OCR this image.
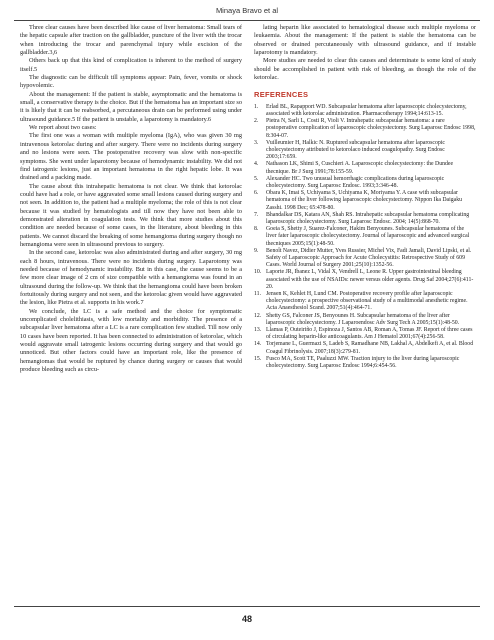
Minaya Bravo et al

Three clear causes have been described like cause of liver hematoma: Small tears of the hepatic capsule after traction on the gallbladder, puncture of the liver with the trocar when introducing the trocar and parenchymal injury while excision of the gallbladder.3,6

Others back up that this kind of complication is inherent to the method of surgery itself.5

The diagnostic can be difficult till symptoms appear: Pain, fever, vomits or shock hypovolemic.

About the management: If the patient is stable, asymptomatic and the hematoma is small, a conservative therapy is the choice. But if the hematoma has an important size so it is likely that it can be reabsorbed, a percutaneous drain can be performed using under ultrasound guidance.5 If the patient is unstable, a laparotomy is mandatory.6

We report about two cases:

The first one was a woman with multiple myeloma (IgA), who was given 30 mg intravenous ketorolac during and after surgery. There were no incidents during surgery and no lesions were seen. The postoperative recovery was slow with non-specific symptoms. She went under laparotomy because of hemodynamic instability. We did not find iatrogenic lesions, just an important hematoma in the right hepatic lobe. It was drained and a packing made.

The cause about this intrahepatic hematoma is not clear. We think that ketorolac could have had a role, or have aggravated some small lesions caused during surgery and not seen. In addition to, the patient had a multiple myeloma; the role of this is not clear because it was studied by hematologists and till now they have not been able to demonstrated alteration in coagulation tests. We think that more studies about this condition are needed because of some cases, in the literature, about bleeding in this patients. We cannot discard the breaking of some hemangioma during surgery though no hemangioma were seen in ultrasound previous to surgery.

In the second case, ketorolac was also administrated during and after surgery, 30 mg each 8 hours, intravenous. There were no incidents during surgery. Laparotomy was needed because of hemodynamic instability. But in this case, the cause seems to be a few more clear image of 2 cm of size compatible with a hemangioma was found in an ultrasound during the follow-up. We think that the hemangioma could have been broken fortuitously during surgery and not seen, and the ketorolac given would have aggravated the lesion, like Pietra et al. supports in his work.7

We conclude, the LC is a safe method and the choice for symptomatic uncomplicated cholelithiasis, with low mortality and morbidity. The presence of a subcapsular liver hematoma after a LC is a rare complication few studied. Till now only 10 cases have been reported. It has been connected to administration of ketorolac, which would aggravate small iatrogenic lesions occurring during surgery and that would go unnoticed. But other factors could have an important role, like the presence of hemangiomas that would be ruptured by chance during surgery or causes that would produce bleeding such as circu-

lating heparin like associated to hematological disease such multiple myeloma or leukaemia. About the management: If the patient is stable the hematoma can be observed or drained percutaneously with ultrasound guidance, and if instable laparotomy is mandatory.

More studies are needed to clear this causes and determinate is some kind of study should be accomplished in patient with risk of bleeding, as though the role of the ketorolac.

REFERENCES
1.	Erlad BL, Rapapport WD. Subcapsular hematoma after laparoscopic cholecystectomy, associated with ketorolac administration. Pharmacotherapy 1994;14:613-15.
2.	Pietra N, Sarli L, Costi R, Violi V. Intrahepatic subcapsular hematoma: a rare postoperative complication of laparoscopic cholecystectomy. Surg Laparosc Endosc 1998, 8:304-07.
3.	Vuilleumier H, Halkic N. Ruptured subcapsular hematoma after laparoscopic cholecystectomy attributed to ketorolaco induced coagulopathy. Surg Endosc 2003;17:659.
4.	Nathason LK, Shimi S, Cuschieri A. Laparoscopic cholecystectomy: the Dundee thecnique. Br J Surg 1991;78:155-59.
5.	Alexander HC. Two unusual hemorrhagic complications during laparoscopic cholecystectomy. Surg Laparosc Endosc. 1993;3:346-48.
6.	Obara K, Imai S, Uchiyama S, Uchiyama K, Moriyama Y. A case with subcapsular hematoma of the liver following laparoscopic cholecystectomy. Nippon Ika Daigaku Zasshi. 1998 Dec; 65:478-80.
7.	Bhandalkar DS, Katara AN, Shah RS. Intrahepatic subcapsular hematoma complicating laparoscopic cholecystectomy. Surg Laparosc Endosc. 2004; 14(5):868-70.
8.	Goeia S, Shetty J, Suarez-Falconer, Hakim Benyounes. Subcapsular hematoma of the liver fater laparoscopic cholecystectomy. Journal of laparoscopic and advanced surgical thecniques 2005;15(1):48-50.
9.	Benoît Navez, Didier Mutter, Yves Russier, Michel Vix, Fadi Jamali, David Lipski, et al. Safety of Laparoscopic Approach for Acute Cholecystitis: Retrospective Study of 609 Cases. World Journal of Surgery 2001;25(10):1352-56.
10. Laporte JR, Ibanez L, Vidal X, Vendrell L, Leone R. Upper gastrointestinal bleeding associated with the use of NSAIDs: newer versus older agents. Drug Saf 2004;27(6):411-20.
11. Jensen K, Kehlet H, Lund CM. Postoperative recovery profile after laparoscopic cholecystectomy: a prospective observational study of a multimodal anesthetic regime. Acta Anaesthesiol Scand. 2007;51(4):464-71.
12. Shetty GS, Falconer JS, Benyounes H. Subcapsular hematoma of the liver after laparoscopic cholecystectomy. J Laparoendosc Adv Surg Tech A 2005;15(1):48-50.
13. Llamas P, Outeiriño J, Espinoza J, Santos AB, Roman A, Tomas JF. Report of three cases of circulating heparin-like anticoagulants. Am J Hematol 2001;67(4):256-58.
14. Torjemane L, Guermazi S, Ladeb S, Ramadhane NB, Lakhal A, Abdelkefi A, et al. Blood Coagul Fibrinolysis. 2007;18(3):279-81.
15. Fusco MA, Scott TE, Paaluzzi MW. Traction injury to the liver during laparoscopic cholecystectomy. Surg Laparosc Endosc 1994;6:454-56.
48
